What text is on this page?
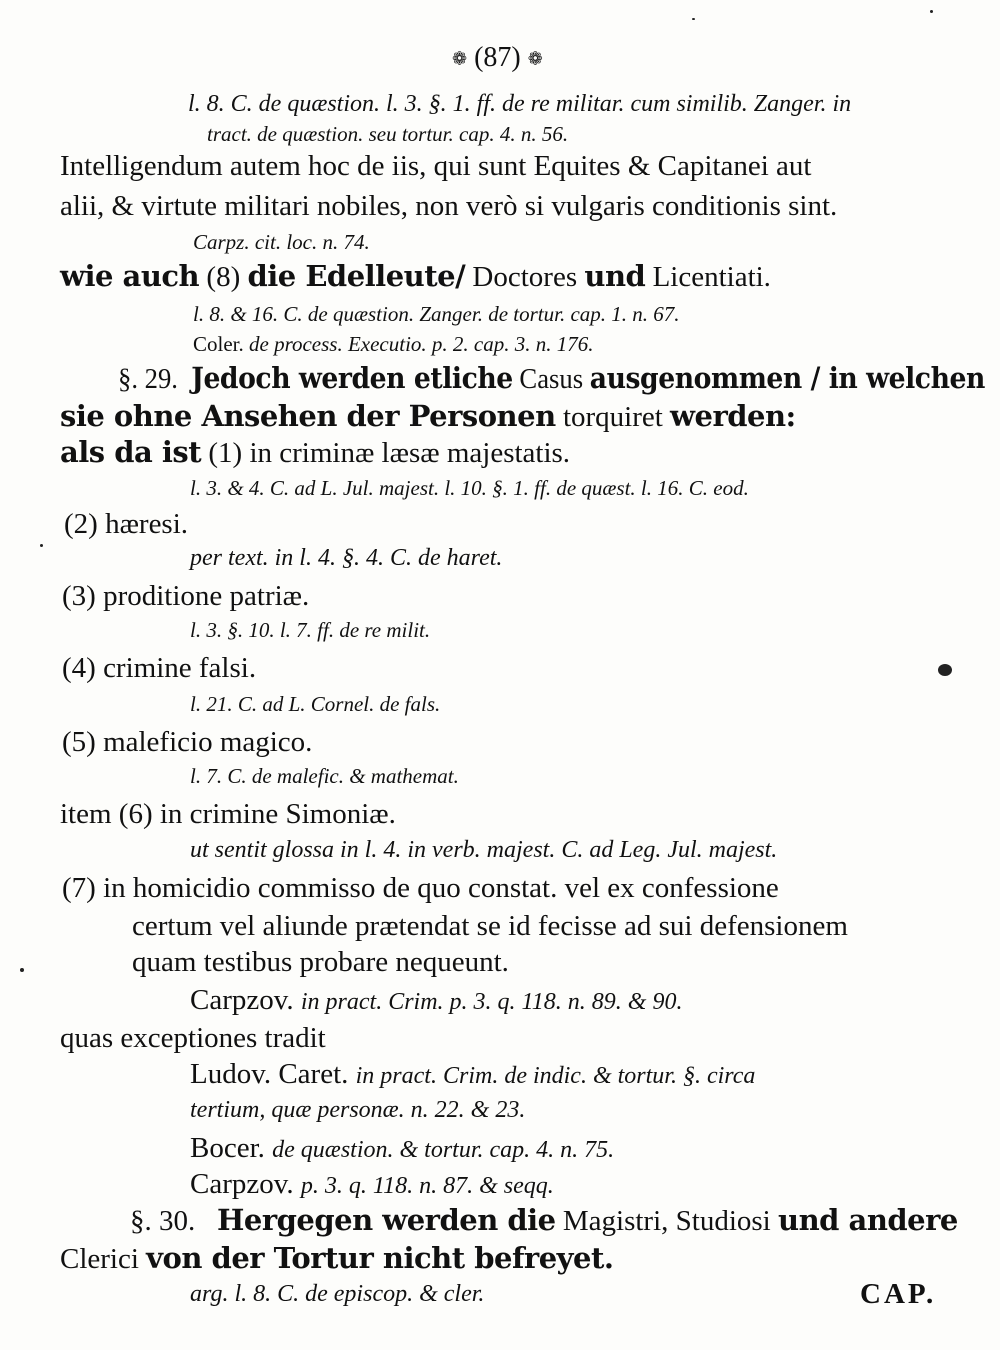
❁ (87) ❁
l. 8. C. de quæstion. l. 3. §. 1. ff. de re militar. cum similib. Zanger. in
tract. de quæstion. seu tortur. cap. 4. n. 56.
Intelligendum autem hoc de iis, qui sunt Equites & Capitanei aut
alii, & virtute militari nobiles, non verò si vulgaris conditionis sint.
Carpz. cit. loc. n. 74.
wie auch (8) die Edelleute/ Doctores und Licentiati.
l. 8. & 16. C. de quæstion. Zanger. de tortur. cap. 1. n. 67.
Coler. de process. Executio. p. 2. cap. 3. n. 176.
§. 29. Jedoch werden etliche Casus ausgenommen / in welchen
sie ohne Ansehen der Personen torquiret werden:
als da ist (1) in criminæ læsæ majestatis.
l. 3. & 4. C. ad L. Jul. majest. l. 10. §. 1. ff. de quæst. l. 16. C. eod.
(2) hæresi.
per text. in l. 4. §. 4. C. de haret.
(3) proditione patriæ.
l. 3. §. 10. l. 7. ff. de re milit.
(4) crimine falsi.
l. 21. C. ad L. Cornel. de fals.
(5) maleficio magico.
l. 7. C. de malefic. & mathemat.
item (6) in crimine Simoniæ.
ut sentit glossa in l. 4. in verb. majest. C. ad Leg. Jul. majest.
(7) in homicidio commisso de quo constat. vel ex confessione
certum vel aliunde prætendat se id fecisse ad sui defensionem
quam testibus probare nequeunt.
Carpzov. in pract. Crim. p. 3. q. 118. n. 89. & 90.
quas exceptiones tradit
Ludov. Caret. in pract. Crim. de indic. & tortur. §. circa
tertium, quæ personæ. n. 22. & 23.
Bocer. de quæstion. & tortur. cap. 4. n. 75.
Carpzov. p. 3. q. 118. n. 87. & seqq.
§. 30. Hergegen werden die Magistri, Studiosi und andere
Clerici von der Tortur nicht befreyet.
arg. l. 8. C. de episcop. & cler.	CAP.
